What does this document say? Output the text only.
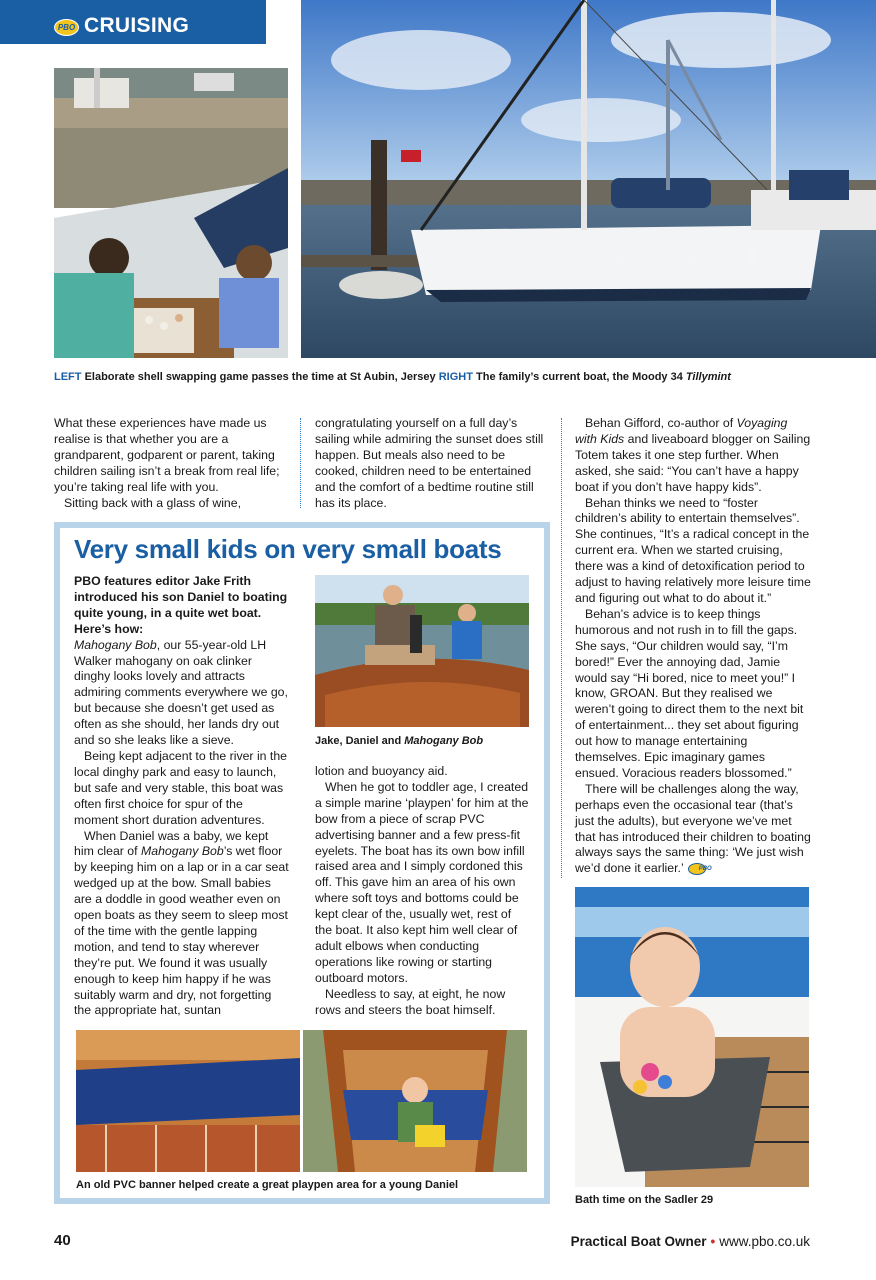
PBO CRUISING
LEFT Elaborate shell swapping game passes the time at St Aubin, Jersey RIGHT The family’s current boat, the Moody 34 Tillymint

What these experiences have made us realise is that whether you are a grandparent, godparent or parent, taking children sailing isn’t a break from real life; you’re taking real life with you.

Sitting back with a glass of wine,

congratulating yourself on a full day’s sailing while admiring the sunset does still happen. But meals also need to be cooked, children need to be entertained and the comfort of a bedtime routine still has its place.

Behan Gifford, co-author of Voyaging with Kids and liveaboard blogger on Sailing Totem takes it one step further. When asked, she said: “You can’t have a happy boat if you don’t have happy kids”.

Behan thinks we need to “foster children’s ability to entertain themselves”. She continues, “It’s a radical concept in the current era. When we started cruising, there was a kind of detoxification period to adjust to having relatively more leisure time and figuring out what to do about it.”

Behan’s advice is to keep things humorous and not rush in to fill the gaps. She says, “Our children would say, “I’m bored!” Ever the annoying dad, Jamie would say “Hi bored, nice to meet you!” I know, GROAN. But they realised we weren’t going to direct them to the next bit of entertainment... they set about figuring out how to manage entertaining themselves. Epic imaginary games ensued. Voracious readers blossomed.”

There will be challenges along the way, perhaps even the occasional tear (that’s just the adults), but everyone we’ve met that has introduced their children to boating always says the same thing: ‘We just wish we’d done it earlier.’	PBO

Bath time on the Sadler 29
Very small kids on very small boats

PBO features editor Jake Frith introduced his son Daniel to boating quite young, in a quite wet boat. Here’s how:

Mahogany Bob, our 55-year-old LH Walker mahogany on oak clinker dinghy looks lovely and attracts admiring comments everywhere we go, but because she doesn’t get used as often as she should, her lands dry out and so she leaks like a sieve.

Being kept adjacent to the river in the local dinghy park and easy to launch, but safe and very stable, this boat was often first choice for spur of the moment short duration adventures.

When Daniel was a baby, we kept him clear of Mahogany Bob’s wet floor by keeping him on a lap or in a car seat wedged up at the bow. Small babies are a doddle in good weather even on open boats as they seem to sleep most of the time with the gentle lapping motion, and tend to stay wherever they’re put. We found it was usually enough to keep him happy if he was suitably warm and dry, not forgetting the appropriate hat, suntan

Jake, Daniel and Mahogany Bob

lotion and buoyancy aid.

When he got to toddler age, I created a simple marine ‘playpen’ for him at the bow from a piece of scrap PVC advertising banner and a few press-fit eyelets. The boat has its own bow infill raised area and I simply cordoned this off. This gave him an area of his own where soft toys and bottoms could be kept clear of the, usually wet, rest of the boat. It also kept him well clear of adult elbows when conducting operations like rowing or starting outboard motors.

Needless to say, at eight, he now rows and steers the boat himself.

An old PVC banner helped create a great playpen area for a young Daniel
40	Practical Boat Owner • www.pbo.co.uk
